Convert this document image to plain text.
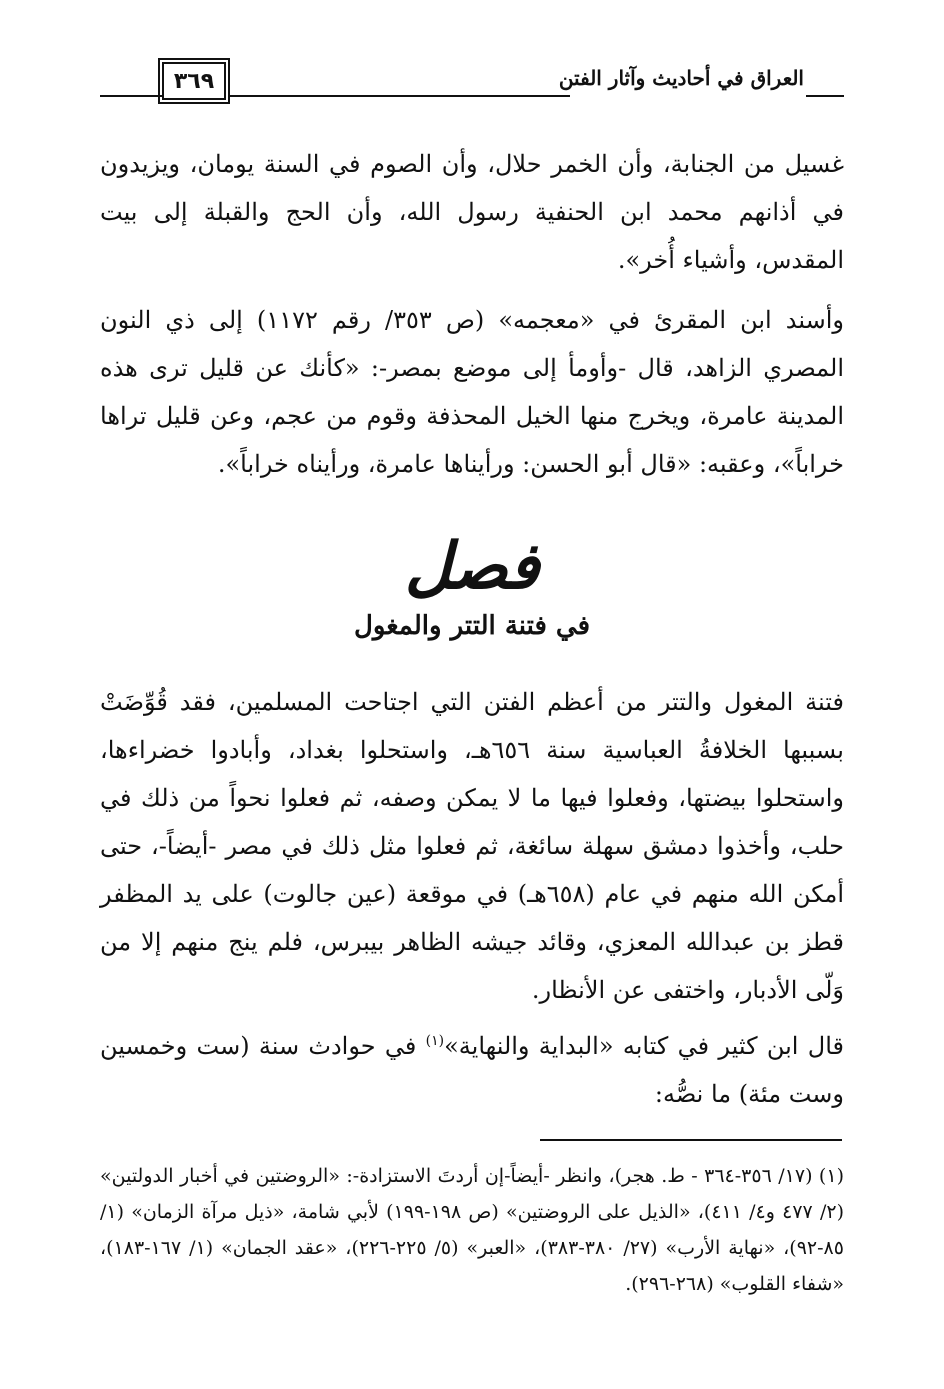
٣٦٩	العراق في أحاديث وآثار الفتن
غسيل من الجنابة، وأن الخمر حلال، وأن الصوم في السنة يومان، ويزيدون في أذانهم محمد ابن الحنفية رسول الله، وأن الحج والقبلة إلى بيت المقدس، وأشياء أُخر».
وأسند ابن المقرئ في «معجمه» (ص ٣٥٣/ رقم ١١٧٢) إلى ذي النون المصري الزاهد، قال -وأومأ إلى موضع بمصر-: «كأنك عن قليل ترى هذه المدينة عامرة، ويخرج منها الخيل المحذفة وقوم من عجم، وعن قليل تراها خراباً»، وعقبه: «قال أبو الحسن: ورأيناها عامرة، ورأيناه خراباً».
فصل
في فتنة التتر والمغول
فتنة المغول والتتر من أعظم الفتن التي اجتاحت المسلمين، فقد قُوِّضَتْ بسببها الخلافةُ العباسية سنة ٦٥٦هـ، واستحلوا بغداد، وأبادوا خضراءها، واستحلوا بيضتها، وفعلوا فيها ما لا يمكن وصفه، ثم فعلوا نحواً من ذلك في حلب، وأخذوا دمشق سهلة سائغة، ثم فعلوا مثل ذلك في مصر -أيضاً-، حتى أمكن الله منهم في عام (٦٥٨هـ) في موقعة (عين جالوت) على يد المظفر قطز بن عبدالله المعزي، وقائد جيشه الظاهر بيبرس، فلم ينج منهم إلا من وَلّى الأدبار، واختفى عن الأنظار.
قال ابن كثير في كتابه «البداية والنهاية»$^{(١)}$ في حوادث سنة (ست وخمسين وست مئة) ما نصُّه:
(١) (١٧/ ٣٥٦-٣٦٤ - ط. هجر)، وانظر -أيضاً-إن أردتَ الاستزادة-: «الروضتين في أخبار الدولتين» (٢/ ٤٧٧ و٤/ ٤١١)، «الذيل على الروضتين» (ص ١٩٨-١٩٩) لأبي شامة، «ذيل مرآة الزمان» (١/ ٨٥-٩٢)، «نهاية الأرب» (٢٧/ ٣٨٠-٣٨٣)، «العبر» (٥/ ٢٢٥-٢٢٦)، «عقد الجمان» (١/ ١٦٧-١٨٣)، «شفاء القلوب» (٢٦٨-٢٩٦).
